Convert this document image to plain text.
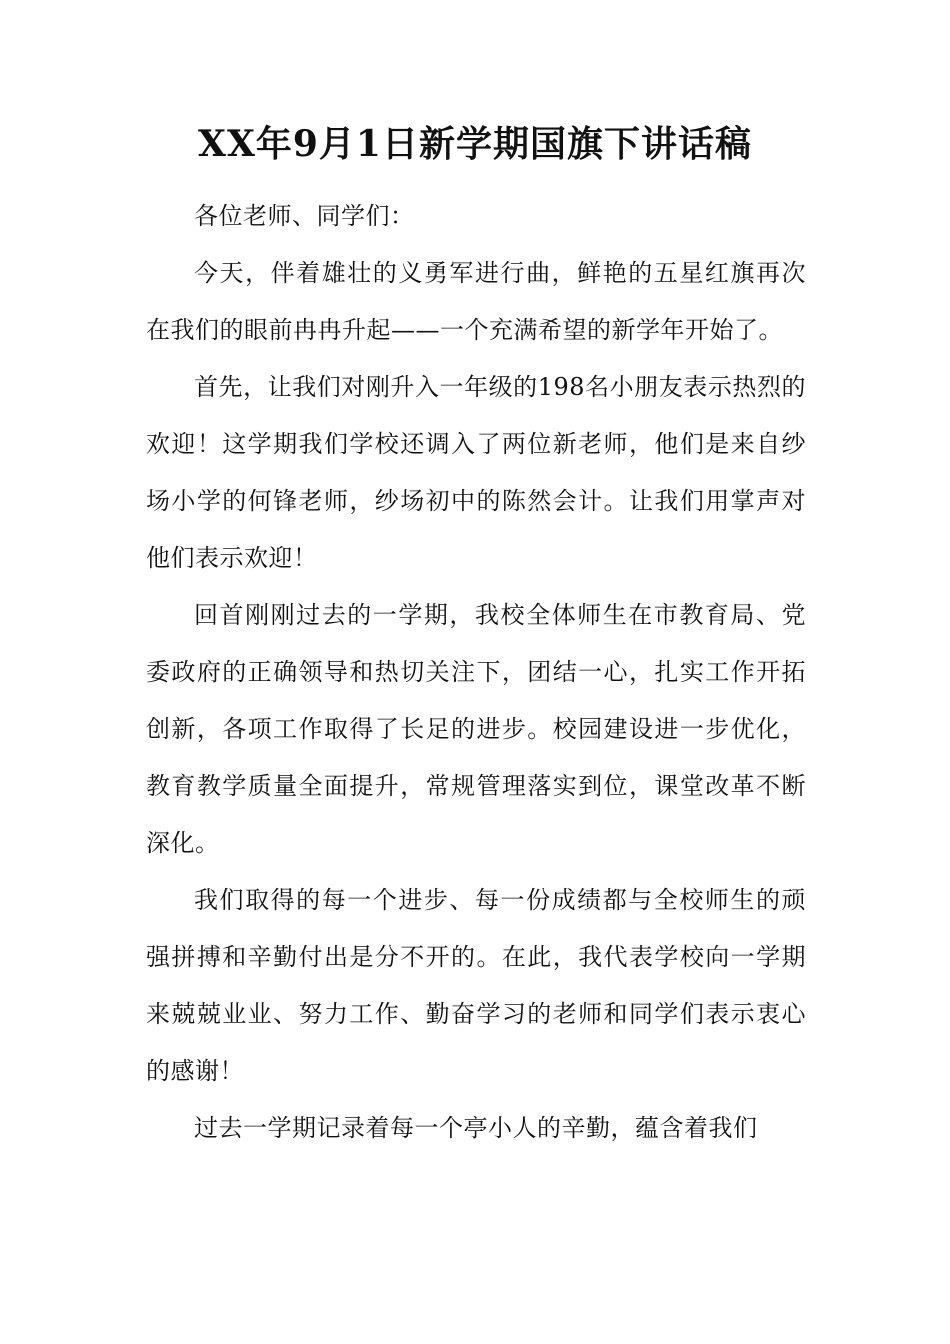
XX年9月1日新学期国旗下讲话稿

各位老师、同学们：

今天，伴着雄壮的义勇军进行曲，鲜艳的五星红旗再次在我们的眼前冉冉升起——一个充满希望的新学年开始了。

首先，让我们对刚升入一年级的198名小朋友表示热烈的欢迎！这学期我们学校还调入了两位新老师，他们是来自纱场小学的何锋老师，纱场初中的陈然会计。让我们用掌声对他们表示欢迎！

回首刚刚过去的一学期，我校全体师生在市教育局、党委政府的正确领导和热切关注下，团结一心，扎实工作开拓创新，各项工作取得了长足的进步。校园建设进一步优化，教育教学质量全面提升，常规管理落实到位，课堂改革不断深化。

我们取得的每一个进步、每一份成绩都与全校师生的顽强拼搏和辛勤付出是分不开的。在此，我代表学校向一学期来兢兢业业、努力工作、勤奋学习的老师和同学们表示衷心的感谢！

过去一学期记录着每一个亭小人的辛勤，蕴含着我们
